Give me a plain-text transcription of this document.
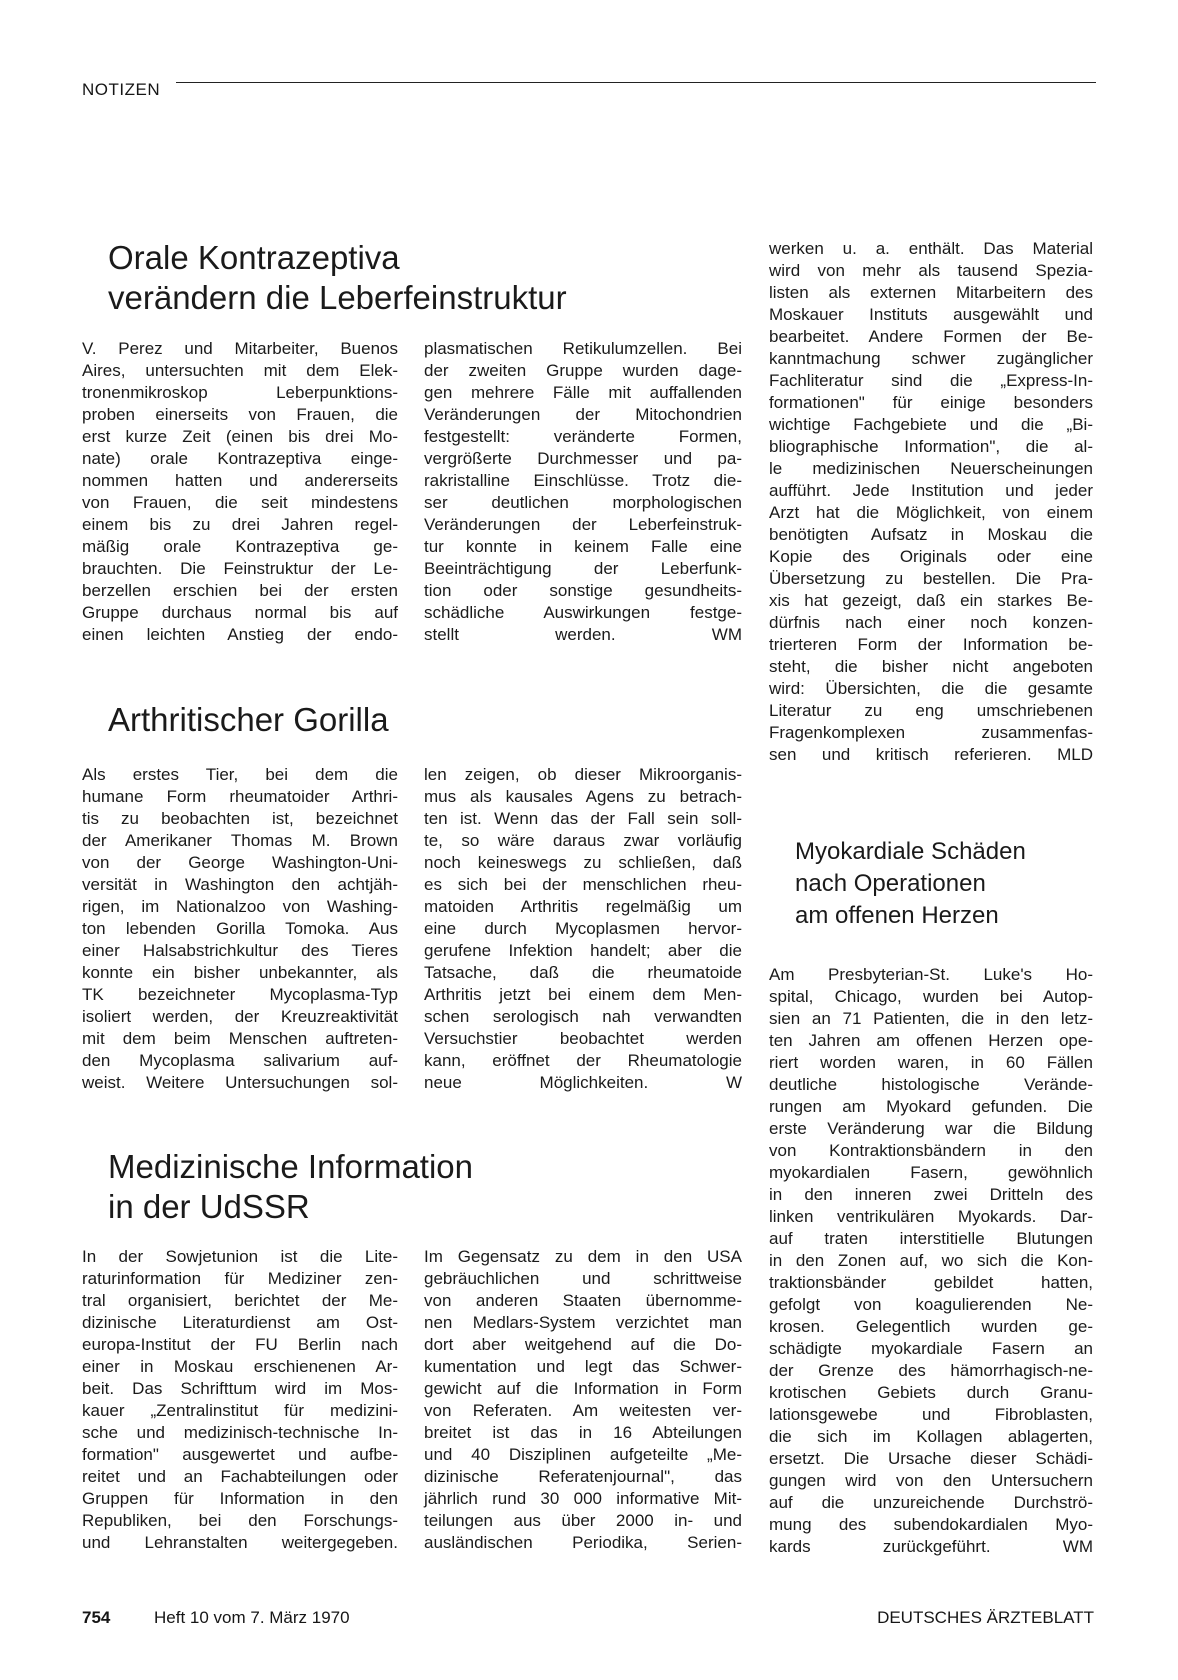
NOTIZEN
Orale Kontrazeptiva
verändern die Leberfeinstruktur

V. Perez und Mitarbeiter, Buenos
Aires, untersuchten mit dem Elek-
tronenmikroskop Leberpunktions-
proben einerseits von Frauen, die
erst kurze Zeit (einen bis drei Mo-
nate) orale Kontrazeptiva einge-
nommen hatten und andererseits
von Frauen, die seit mindestens
einem bis zu drei Jahren regel-
mäßig orale Kontrazeptiva ge-
brauchten. Die Feinstruktur der Le-
berzellen erschien bei der ersten
Gruppe durchaus normal bis auf
einen leichten Anstieg der endo-

plasmatischen Retikulumzellen. Bei
der zweiten Gruppe wurden dage-
gen mehrere Fälle mit auffallenden
Veränderungen der Mitochondrien
festgestellt: veränderte Formen,
vergrößerte Durchmesser und pa-
rakristalline Einschlüsse. Trotz die-
ser deutlichen morphologischen
Veränderungen der Leberfeinstruk-
tur konnte in keinem Falle eine
Beeinträchtigung der Leberfunk-
tion oder sonstige gesundheits-
schädliche Auswirkungen festge-
stellt werden. WM

Arthritischer Gorilla

Als erstes Tier, bei dem die
humane Form rheumatoider Arthri-
tis zu beobachten ist, bezeichnet
der Amerikaner Thomas M. Brown
von der George Washington-Uni-
versität in Washington den achtjäh-
rigen, im Nationalzoo von Washing-
ton lebenden Gorilla Tomoka. Aus
einer Halsabstrichkultur des Tieres
konnte ein bisher unbekannter, als
TK bezeichneter Mycoplasma-Typ
isoliert werden, der Kreuzreaktivität
mit dem beim Menschen auftreten-
den Mycoplasma salivarium auf-
weist. Weitere Untersuchungen sol-

len zeigen, ob dieser Mikroorganis-
mus als kausales Agens zu betrach-
ten ist. Wenn das der Fall sein soll-
te, so wäre daraus zwar vorläufig
noch keineswegs zu schließen, daß
es sich bei der menschlichen rheu-
matoiden Arthritis regelmäßig um
eine durch Mycoplasmen hervor-
gerufene Infektion handelt; aber die
Tatsache, daß die rheumatoide
Arthritis jetzt bei einem dem Men-
schen serologisch nah verwandten
Versuchstier beobachtet werden
kann, eröffnet der Rheumatologie
neue Möglichkeiten. W

Medizinische Information
in der UdSSR

In der Sowjetunion ist die Lite-
raturinformation für Mediziner zen-
tral organisiert, berichtet der Me-
dizinische Literaturdienst am Ost-
europa-Institut der FU Berlin nach
einer in Moskau erschienenen Ar-
beit. Das Schrifttum wird im Mos-
kauer „Zentralinstitut für medizini-
sche und medizinisch-technische In-
formation" ausgewertet und aufbe-
reitet und an Fachabteilungen oder
Gruppen für Information in den
Republiken, bei den Forschungs-
und Lehranstalten weitergegeben.

Im Gegensatz zu dem in den USA
gebräuchlichen und schrittweise
von anderen Staaten übernomme-
nen Medlars-System verzichtet man
dort aber weitgehend auf die Do-
kumentation und legt das Schwer-
gewicht auf die Information in Form
von Referaten. Am weitesten ver-
breitet ist das in 16 Abteilungen
und 40 Disziplinen aufgeteilte „Me-
dizinische Referatenjournal", das
jährlich rund 30 000 informative Mit-
teilungen aus über 2000 in- und
ausländischen Periodika, Serien-

werken u. a. enthält. Das Material
wird von mehr als tausend Spezia-
listen als externen Mitarbeitern des
Moskauer Instituts ausgewählt und
bearbeitet. Andere Formen der Be-
kanntmachung schwer zugänglicher
Fachliteratur sind die „Express-In-
formationen" für einige besonders
wichtige Fachgebiete und die „Bi-
bliographische Information", die al-
le medizinischen Neuerscheinungen
aufführt. Jede Institution und jeder
Arzt hat die Möglichkeit, von einem
benötigten Aufsatz in Moskau die
Kopie des Originals oder eine
Übersetzung zu bestellen. Die Pra-
xis hat gezeigt, daß ein starkes Be-
dürfnis nach einer noch konzen-
trierteren Form der Information be-
steht, die bisher nicht angeboten
wird: Übersichten, die die gesamte
Literatur zu eng umschriebenen
Fragenkomplexen zusammenfas-
sen und kritisch referieren. MLD

Myokardiale Schäden
nach Operationen
am offenen Herzen

Am Presbyterian-St. Luke's Ho-
spital, Chicago, wurden bei Autop-
sien an 71 Patienten, die in den letz-
ten Jahren am offenen Herzen ope-
riert worden waren, in 60 Fällen
deutliche histologische Verände-
rungen am Myokard gefunden. Die
erste Veränderung war die Bildung
von Kontraktionsbändern in den
myokardialen Fasern, gewöhnlich
in den inneren zwei Dritteln des
linken ventrikulären Myokards. Dar-
auf traten interstitielle Blutungen
in den Zonen auf, wo sich die Kon-
traktionsbänder gebildet hatten,
gefolgt von koagulierenden Ne-
krosen. Gelegentlich wurden ge-
schädigte myokardiale Fasern an
der Grenze des hämorrhagisch-ne-
krotischen Gebiets durch Granu-
lationsgewebe und Fibroblasten,
die sich im Kollagen ablagerten,
ersetzt. Die Ursache dieser Schädi-
gungen wird von den Untersuchern
auf die unzureichende Durchströ-
mung des subendokardialen Myo-
kards zurückgeführt. WM

754	Heft 10 vom 7. März 1970	DEUTSCHES ÄRZTEBLATT
